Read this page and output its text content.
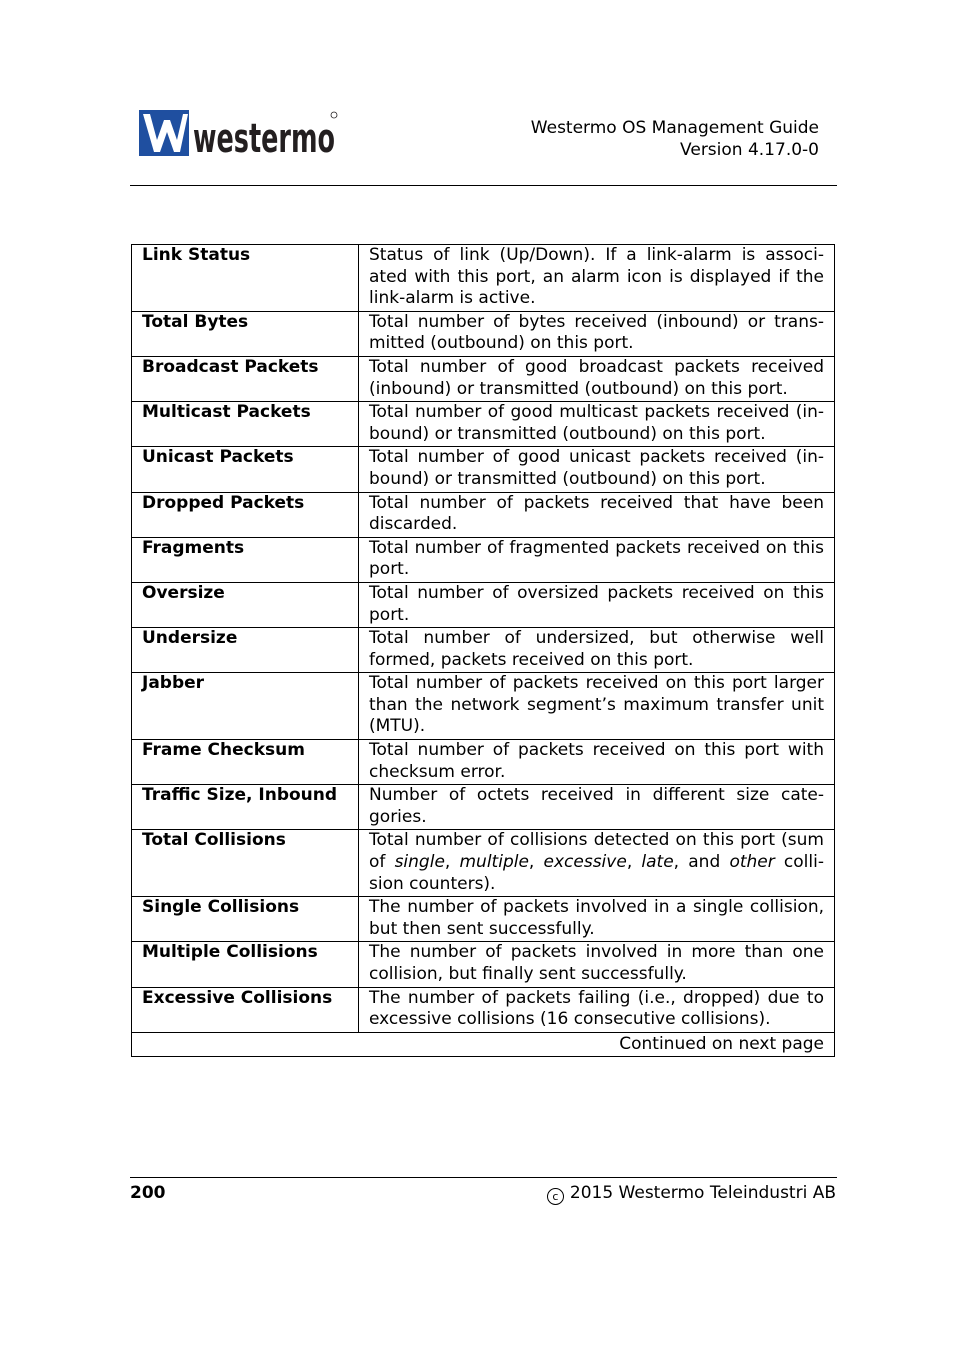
westermo	Westermo OS Management Guide
Version 4.17.0-0
Link Status	Status of link (Up/Down). If a link-alarm is associ-ated with this port, an alarm icon is displayed if the link-alarm is active.
Total Bytes	Total number of bytes received (inbound) or trans-mitted (outbound) on this port.
Broadcast Packets	Total number of good broadcast packets received (inbound) or transmitted (outbound) on this port.
Multicast Packets	Total number of good multicast packets received (in-bound) or transmitted (outbound) on this port.
Unicast Packets	Total number of good unicast packets received (in-bound) or transmitted (outbound) on this port.
Dropped Packets	Total number of packets received that have been discarded.
Fragments	Total number of fragmented packets received on this port.
Oversize	Total number of oversized packets received on this port.
Undersize	Total number of undersized, but otherwise well formed, packets received on this port.
Jabber	Total number of packets received on this port larger than the network segment’s maximum transfer unit (MTU).
Frame Checksum	Total number of packets received on this port with checksum error.
Traffic Size, Inbound	Number of octets received in different size cate-gories.
Total Collisions	Total number of collisions detected on this port (sum of single, multiple, excessive, late, and other colli-sion counters).
Single Collisions	The number of packets involved in a single collision, but then sent successfully.
Multiple Collisions	The number of packets involved in more than one collision, but finally sent successfully.
Excessive Collisions	The number of packets failing (i.e., dropped) due to excessive collisions (16 consecutive collisions).
Continued on next page	
200	c 2015 Westermo Teleindustri AB
